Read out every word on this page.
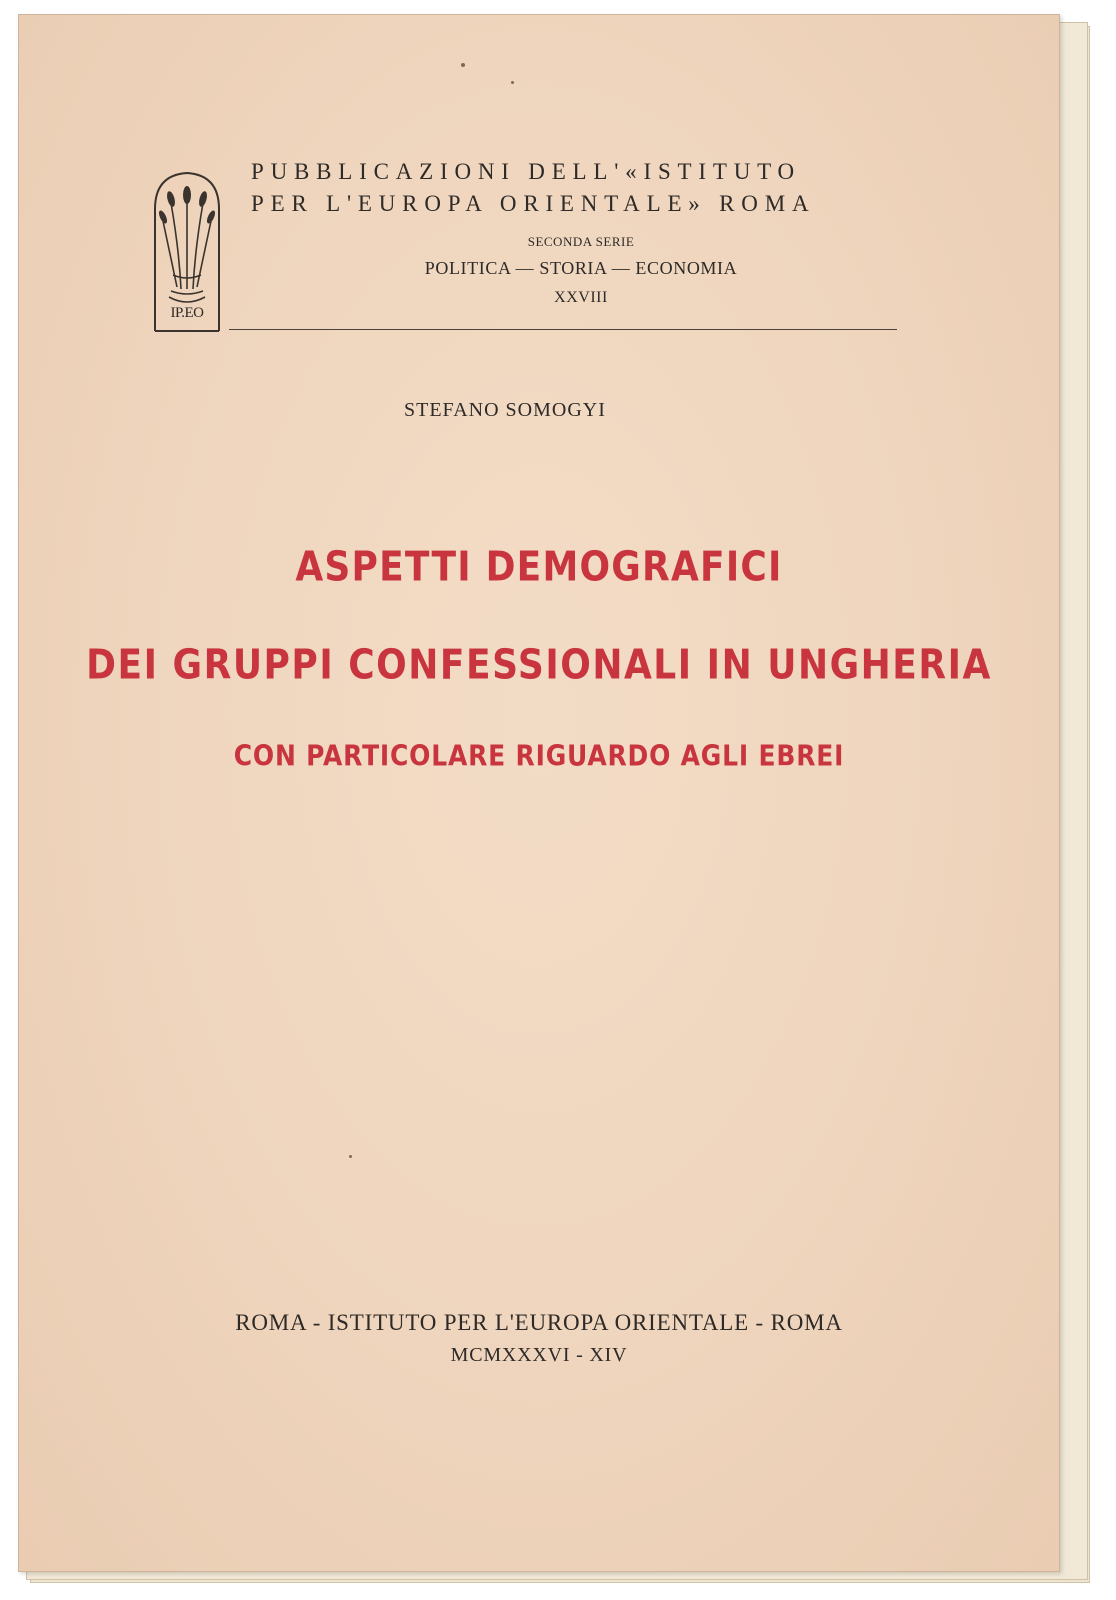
IP.EO
PUBBLICAZIONI DELL'«ISTITUTO
PER L'EUROPA ORIENTALE» ROMA
SECONDA SERIE
POLITICA — STORIA — ECONOMIA
XXVIII
STEFANO SOMOGYI
ASPETTI DEMOGRAFICI
DEI GRUPPI CONFESSIONALI IN UNGHERIA
CON PARTICOLARE RIGUARDO AGLI EBREI
ROMA - ISTITUTO PER L'EUROPA ORIENTALE - ROMA
MCMXXXVI - XIV
